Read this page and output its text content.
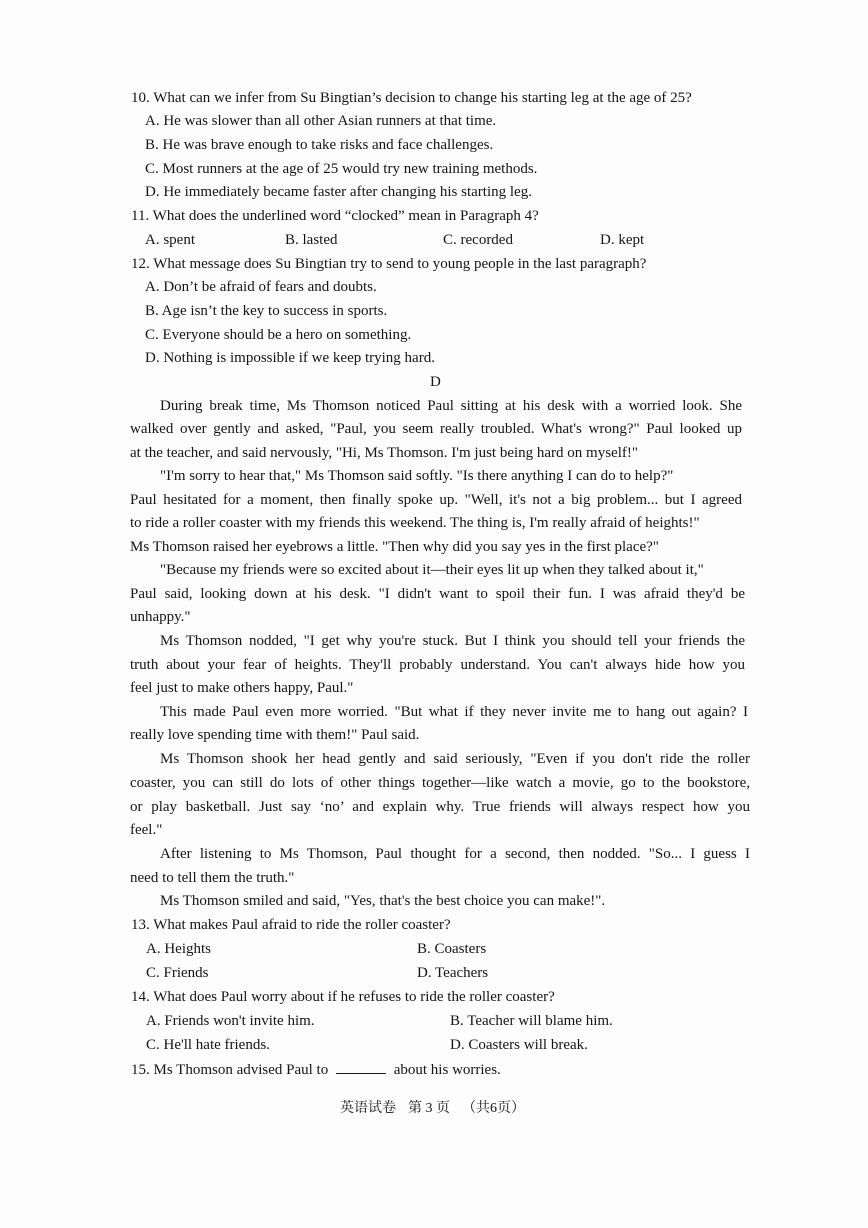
10. What can we infer from Su Bingtian’s decision to change his starting leg at the age of 25?
A. He was slower than all other Asian runners at that time.
B. He was brave enough to take risks and face challenges.
C. Most runners at the age of 25 would try new training methods.
D. He immediately became faster after changing his starting leg.
11. What does the underlined word “clocked” mean in Paragraph 4?
A. spent	B. lasted	C. recorded	D. kept
12. What message does Su Bingtian try to send to young people in the last paragraph?
A. Don’t be afraid of fears and doubts.
B. Age isn’t the key to success in sports.
C. Everyone should be a hero on something.
D. Nothing is impossible if we keep trying hard.
D
During break time, Ms Thomson noticed Paul sitting at his desk with a worried look. She
walked over gently and asked, "Paul, you seem really troubled. What's wrong?" Paul looked up
at the teacher, and said nervously, "Hi, Ms Thomson. I'm just being hard on myself!"
"I'm sorry to hear that," Ms Thomson said softly. "Is there anything I can do to help?"
Paul hesitated for a moment, then finally spoke up. "Well, it's not a big problem... but I agreed
to ride a roller coaster with my friends this weekend. The thing is, I'm really afraid of heights!"
Ms Thomson raised her eyebrows a little. "Then why did you say yes in the first place?"
"Because my friends were so excited about it—their eyes lit up when they talked about it,"
Paul said, looking down at his desk. "I didn't want to spoil their fun. I was afraid they'd be
unhappy."
Ms Thomson nodded, "I get why you're stuck. But I think you should tell your friends the
truth about your fear of heights. They'll probably understand. You can't always hide how you
feel just to make others happy, Paul."
This made Paul even more worried. "But what if they never invite me to hang out again? I
really love spending time with them!" Paul said.
Ms Thomson shook her head gently and said seriously, "Even if you don't ride the roller
coaster, you can still do lots of other things together—like watch a movie, go to the bookstore,
or play basketball. Just say ‘no’ and explain why. True friends will always respect how you
feel."
After listening to Ms Thomson, Paul thought for a second, then nodded. "So... I guess I
need to tell them the truth."
Ms Thomson smiled and said, "Yes, that's the best choice you can make!".
13. What makes Paul afraid to ride the roller coaster?
A. Heights	B. Coasters
C. Friends	D. Teachers
14. What does Paul worry about if he refuses to ride the roller coaster?
A. Friends won't invite him.	B. Teacher will blame him.
C. He'll hate friends.	D. Coasters will break.
15. Ms Thomson advised Paul to	about his worries.
英语试卷 第 3 页 （共6页）
